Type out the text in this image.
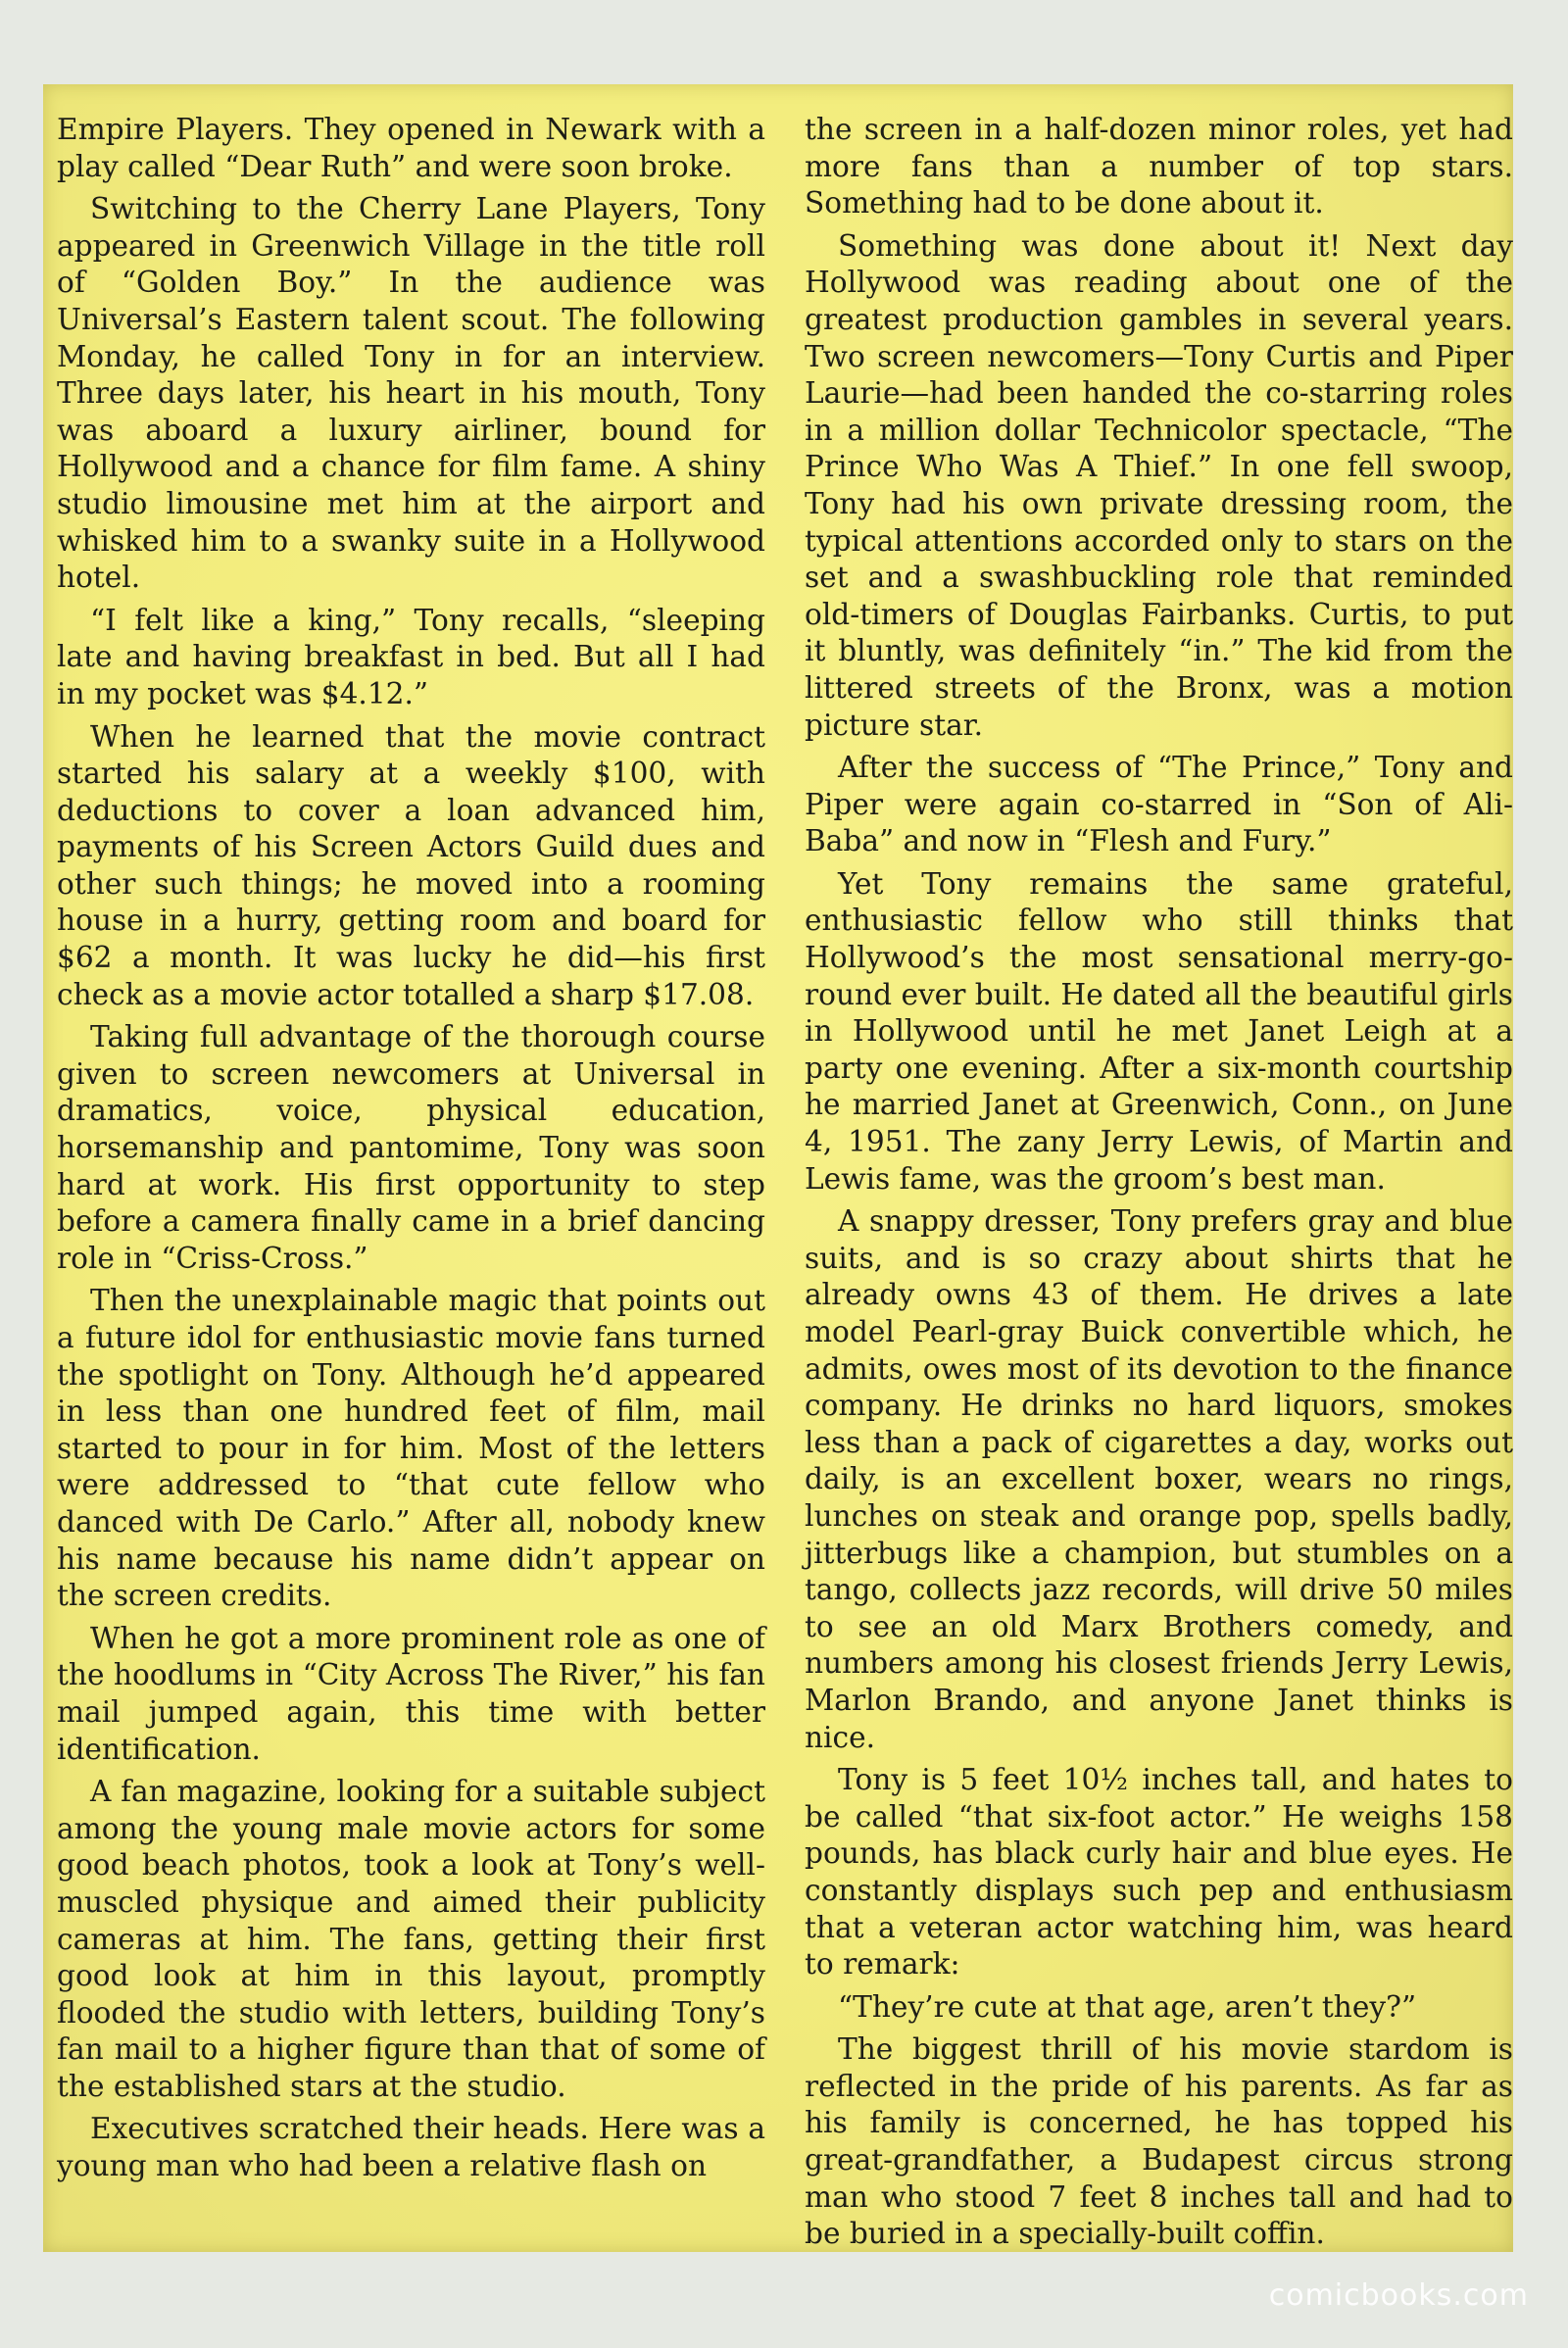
Empire Players. They opened in Newark with a play called “Dear Ruth” and were soon broke.

Switching to the Cherry Lane Players, Tony appeared in Greenwich Village in the title roll of “Golden Boy.” In the audience was Universal’s Eastern talent scout. The following Monday, he called Tony in for an interview. Three days later, his heart in his mouth, Tony was aboard a luxury airliner, bound for Hollywood and a chance for film fame. A shiny studio limousine met him at the airport and whisked him to a swanky suite in a Hollywood hotel.

“I felt like a king,” Tony recalls, “sleeping late and having breakfast in bed. But all I had in my pocket was $4.12.”

When he learned that the movie contract started his salary at a weekly $100, with deductions to cover a loan advanced him, payments of his Screen Actors Guild dues and other such things; he moved into a rooming house in a hurry, getting room and board for $62 a month. It was lucky he did—his first check as a movie actor totalled a sharp $17.08.

Taking full advantage of the thorough course given to screen newcomers at Universal in dramatics, voice, physical education, horsemanship and pantomime, Tony was soon hard at work. His first opportunity to step before a camera finally came in a brief dancing role in “Criss-Cross.”

Then the unexplainable magic that points out a future idol for enthusiastic movie fans turned the spotlight on Tony. Although he’d appeared in less than one hundred feet of film, mail started to pour in for him. Most of the letters were addressed to “that cute fellow who danced with De Carlo.” After all, nobody knew his name because his name didn’t appear on the screen credits.

When he got a more prominent role as one of the hoodlums in “City Across The River,” his fan mail jumped again, this time with better identification.

A fan magazine, looking for a suitable subject among the young male movie actors for some good beach photos, took a look at Tony’s well-muscled physique and aimed their publicity cameras at him. The fans, getting their first good look at him in this layout, promptly flooded the studio with letters, building Tony’s fan mail to a higher figure than that of some of the established stars at the studio.

Executives scratched their heads. Here was a young man who had been a relative flash on

the screen in a half-dozen minor roles, yet had more fans than a number of top stars. Something had to be done about it.

Something was done about it! Next day Hollywood was reading about one of the greatest production gambles in several years. Two screen newcomers—Tony Curtis and Piper Laurie—had been handed the co-starring roles in a million dollar Technicolor spectacle, “The Prince Who Was A Thief.” In one fell swoop, Tony had his own private dressing room, the typical attentions accorded only to stars on the set and a swashbuckling role that reminded old-timers of Douglas Fairbanks. Curtis, to put it bluntly, was definitely “in.” The kid from the littered streets of the Bronx, was a motion picture star.

After the success of “The Prince,” Tony and Piper were again co-starred in “Son of Ali-Baba” and now in “Flesh and Fury.”

Yet Tony remains the same grateful, enthusiastic fellow who still thinks that Hollywood’s the most sensational merry-go-round ever built. He dated all the beautiful girls in Hollywood until he met Janet Leigh at a party one evening. After a six-month courtship he married Janet at Greenwich, Conn., on June 4, 1951. The zany Jerry Lewis, of Martin and Lewis fame, was the groom’s best man.

A snappy dresser, Tony prefers gray and blue suits, and is so crazy about shirts that he already owns 43 of them. He drives a late model Pearl-gray Buick convertible which, he admits, owes most of its devotion to the finance company. He drinks no hard liquors, smokes less than a pack of cigarettes a day, works out daily, is an excellent boxer, wears no rings, lunches on steak and orange pop, spells badly, jitterbugs like a champion, but stumbles on a tango, collects jazz records, will drive 50 miles to see an old Marx Brothers comedy, and numbers among his closest friends Jerry Lewis, Marlon Brando, and anyone Janet thinks is nice.

Tony is 5 feet 10½ inches tall, and hates to be called “that six-foot actor.” He weighs 158 pounds, has black curly hair and blue eyes. He constantly displays such pep and enthusiasm that a veteran actor watching him, was heard to remark:

“They’re cute at that age, aren’t they?”

The biggest thrill of his movie stardom is reflected in the pride of his parents. As far as his family is concerned, he has topped his great-grandfather, a Budapest circus strong man who stood 7 feet 8 inches tall and had to be buried in a specially-built coffin.

comicbooks.com
